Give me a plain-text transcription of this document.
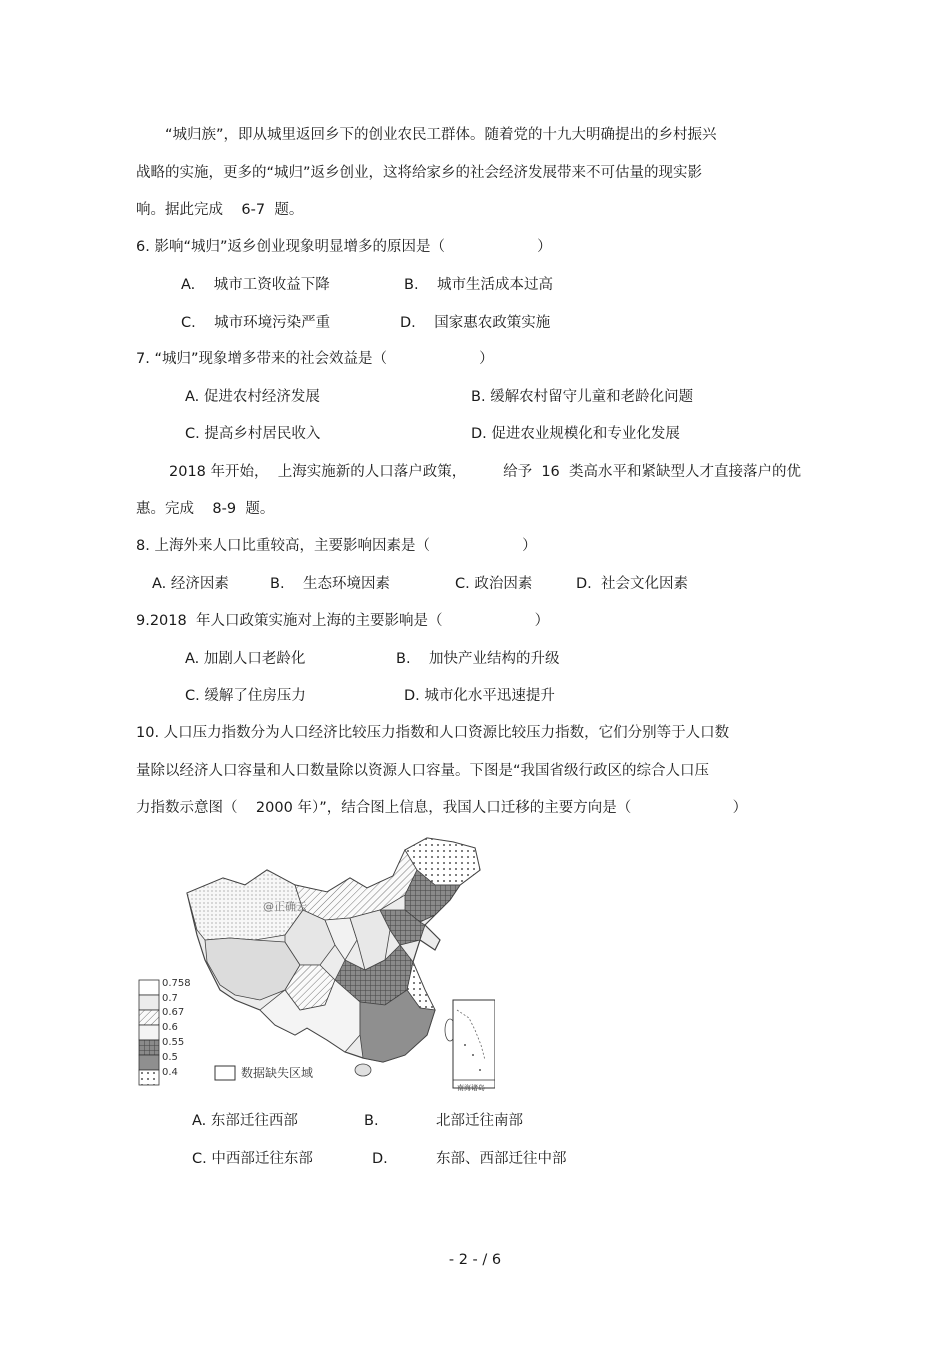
“城归族”，即从城里返回乡下的创业农民工群体。随着党的十九大明确提出的乡村振兴
战略的实施，更多的“城归”返乡创业，这将给家乡的社会经济发展带来不可估量的现实影
响。据此完成    6-7  题。
6. 影响“城归”返乡创业现象明显增多的原因是（                    ）
A.    城市工资收益下降	B.    城市生活成本过高
C.    城市环境污染严重	D.    国家惠农政策实施
7. “城归”现象增多带来的社会效益是（                    ）
A. 促进农村经济发展	B. 缓解农村留守儿童和老龄化问题
C. 提高乡村居民收入	D. 促进农业规模化和专业化发展
2018 年开始，  上海实施新的人口落户政策，        给予  16  类高水平和紧缺型人才直接落户的优
惠。完成    8-9  题。
8. 上海外来人口比重较高，主要影响因素是（                    ）
A. 经济因素	B.    生态环境因素	C. 政治因素	D.  社会文化因素
9.2018  年人口政策实施对上海的主要影响是（                    ）
A. 加剧人口老龄化	B.    加快产业结构的升级
C. 缓解了住房压力	D. 城市化水平迅速提升
10. 人口压力指数分为人口经济比较压力指数和人口资源比较压力指数，它们分别等于人口数
量除以经济人口容量和人口数量除以资源人口容量。下图是“我国省级行政区的综合人口压
力指数示意图（    2000 年）”，结合图上信息，我国人口迁移的主要方向是（                      ）
@正确云
0.758
0.7
0.67
0.6
0.55
0.5
0.4	数据缺失区域
南海诸岛
A. 东部迁往西部	B.	北部迁往南部
C. 中西部迁往东部	D.	东部、西部迁往中部
- 2 - / 6
